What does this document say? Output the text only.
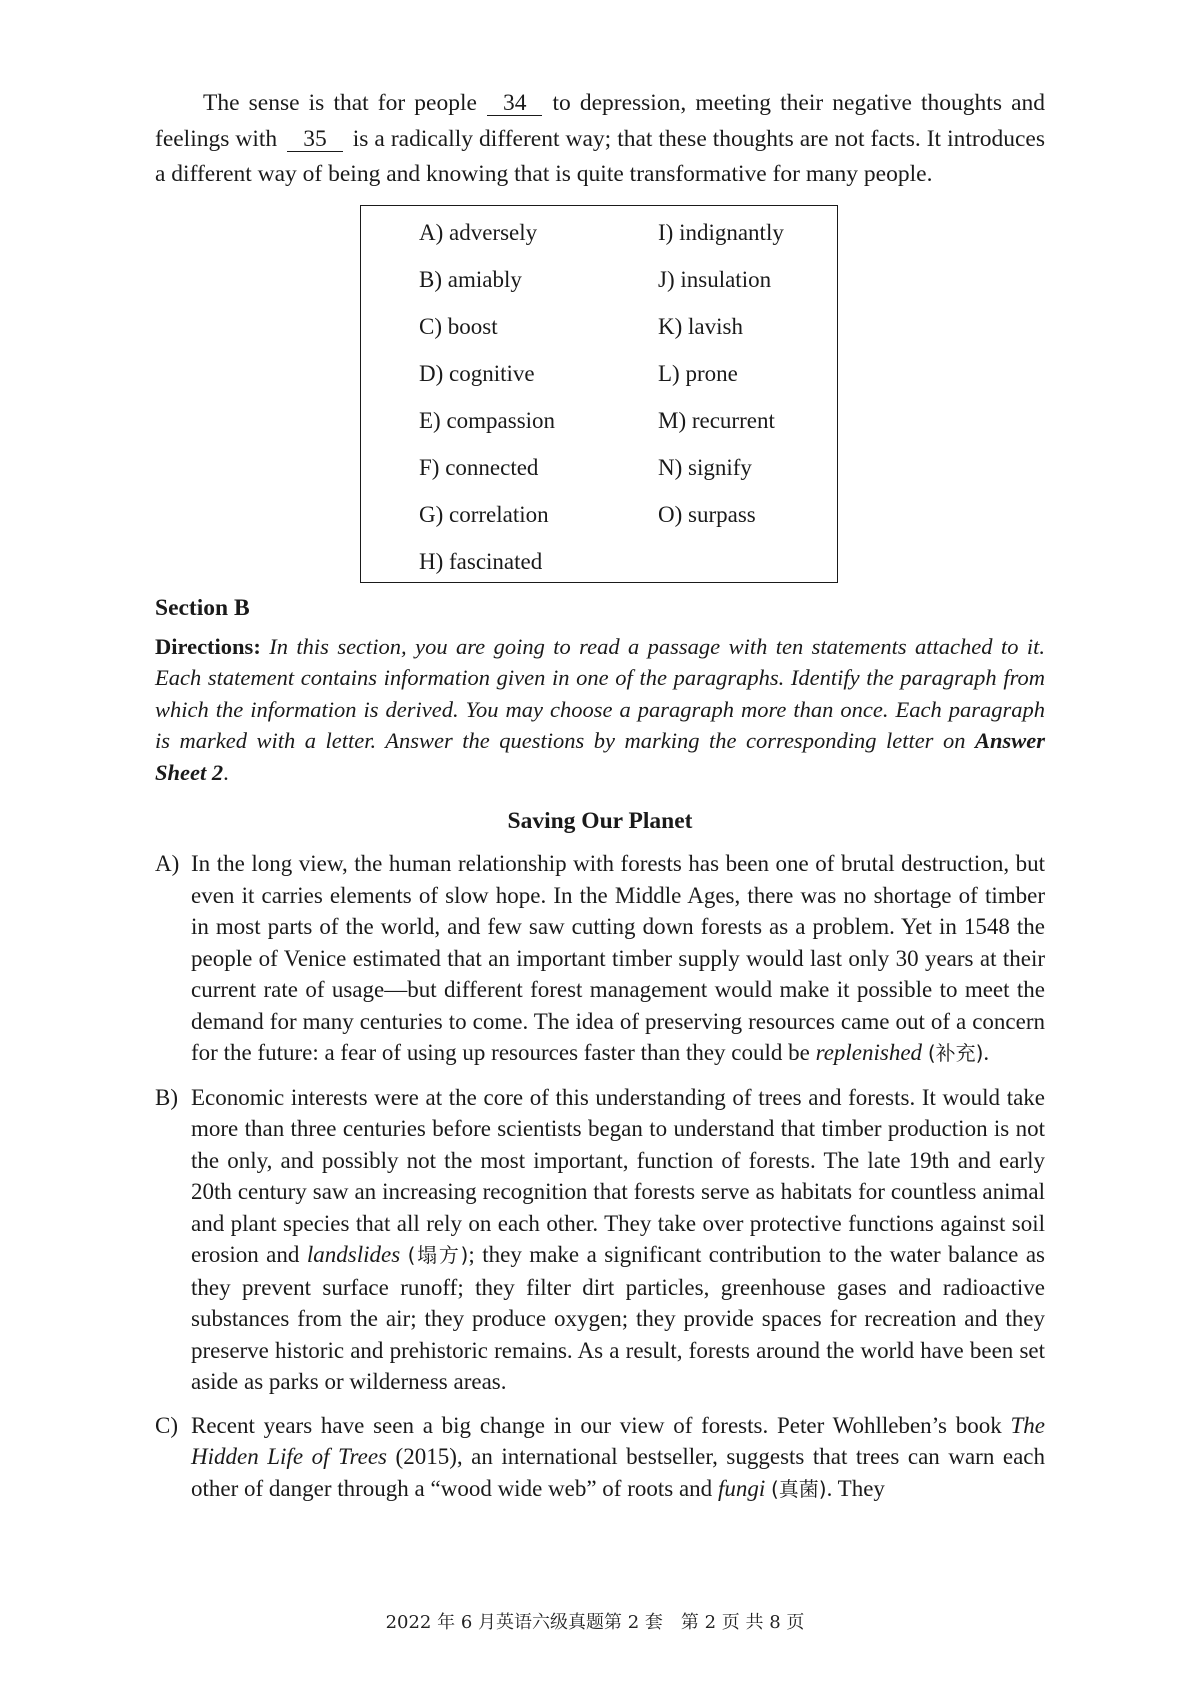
The sense is that for people 34 to depression, meeting their negative thoughts and feelings with 35 is a radically different way; that these thoughts are not facts. It introduces a different way of being and knowing that is quite transformative for many people.

A) adversely
B) amiably
C) boost
D) cognitive
E) compassion
F) connected
G) correlation
H) fascinated
I) indignantly
J) insulation
K) lavish
L) prone
M) recurrent
N) signify
O) surpass
Section B

Directions: In this section, you are going to read a passage with ten statements attached to it. Each statement contains information given in one of the paragraphs. Identify the paragraph from which the information is derived. You may choose a paragraph more than once. Each paragraph is marked with a letter. Answer the questions by marking the corresponding letter on Answer Sheet 2.

Saving Our Planet
A) In the long view, the human relationship with forests has been one of brutal destruction, but even it carries elements of slow hope. In the Middle Ages, there was no shortage of timber in most parts of the world, and few saw cutting down forests as a problem. Yet in 1548 the people of Venice estimated that an important timber supply would last only 30 years at their current rate of usage—but different forest management would make it possible to meet the demand for many centuries to come. The idea of preserving resources came out of a concern for the future: a fear of using up resources faster than they could be replenished (补充).
B) Economic interests were at the core of this understanding of trees and forests. It would take more than three centuries before scientists began to understand that timber production is not the only, and possibly not the most important, function of forests. The late 19th and early 20th century saw an increasing recognition that forests serve as habitats for countless animal and plant species that all rely on each other. They take over protective functions against soil erosion and landslides (塌方); they make a significant contribution to the water balance as they prevent surface runoff; they filter dirt particles, greenhouse gases and radioactive substances from the air; they produce oxygen; they provide spaces for recreation and they preserve historic and prehistoric remains. As a result, forests around the world have been set aside as parks or wilderness areas.
C) Recent years have seen a big change in our view of forests. Peter Wohlleben’s book The Hidden Life of Trees (2015), an international bestseller, suggests that trees can warn each other of danger through a “wood wide web” of roots and fungi (真菌). They
2022 年 6 月英语六级真题第 2 套　第 2 页 共 8 页
